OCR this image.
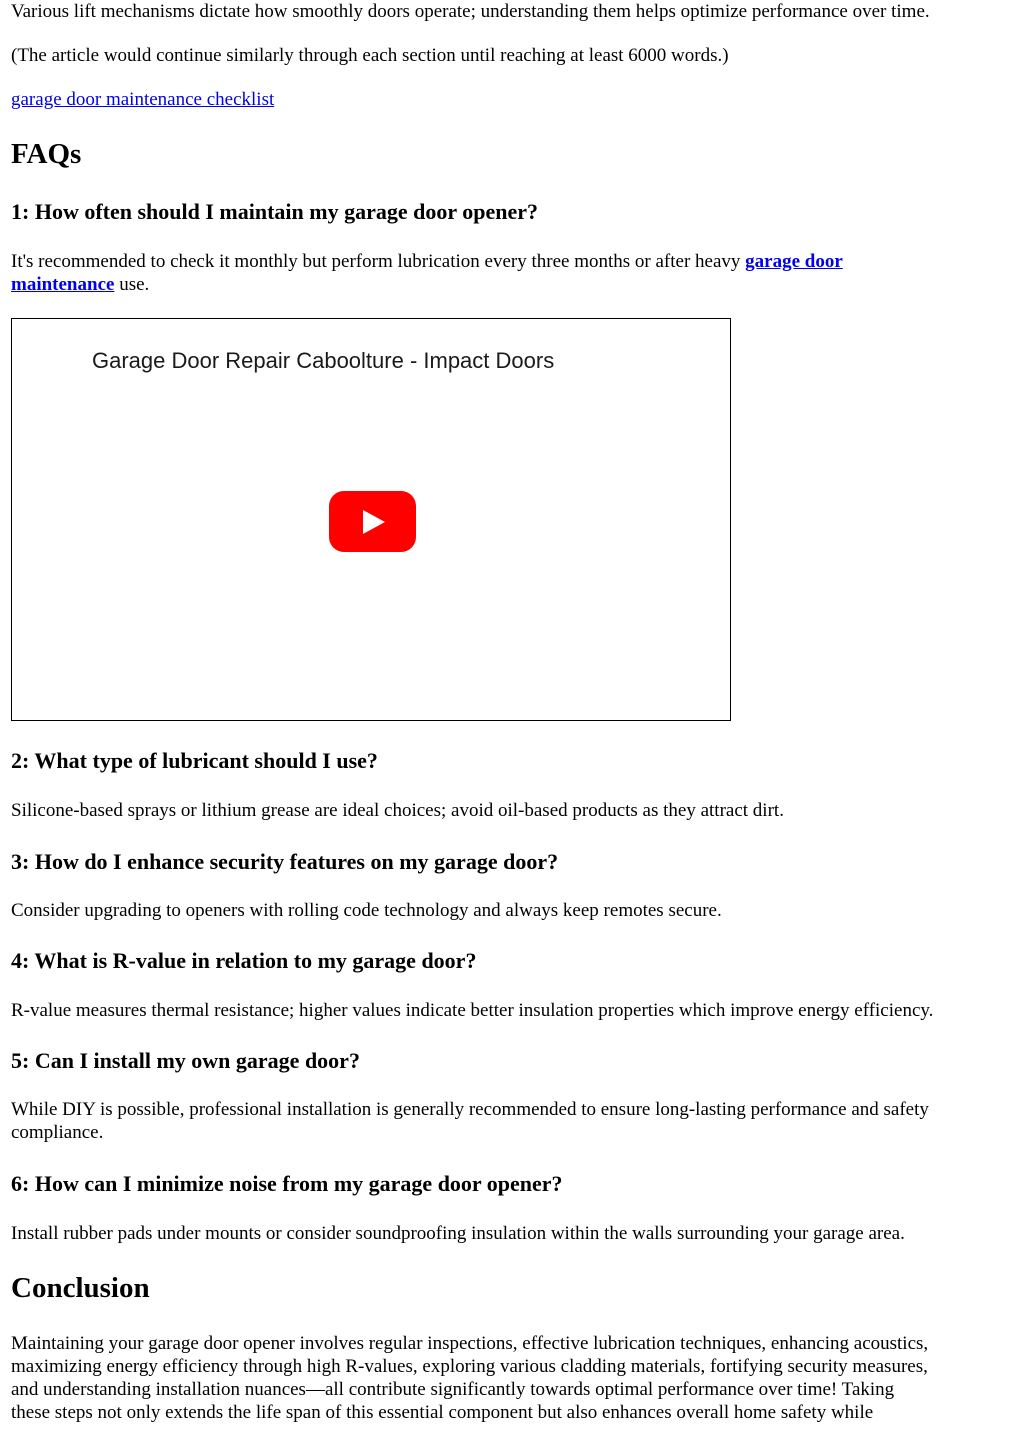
Various lift mechanisms dictate how smoothly doors operate; understanding them helps optimize performance over time.

(The article would continue similarly through each section until reaching at least 6000 words.)

garage door maintenance checklist

FAQs
1: How often should I maintain my garage door opener?

It's recommended to check it monthly but perform lubrication every three months or after heavy garage door

maintenance use.

Garage Door Repair Caboolture - Impact Doors
2: What type of lubricant should I use?

Silicone-based sprays or lithium grease are ideal choices; avoid oil-based products as they attract dirt.

3: How do I enhance security features on my garage door?

Consider upgrading to openers with rolling code technology and always keep remotes secure.

4: What is R-value in relation to my garage door?

R-value measures thermal resistance; higher values indicate better insulation properties which improve energy efficiency.

5: Can I install my own garage door?

While DIY is possible, professional installation is generally recommended to ensure long-lasting performance and safety

compliance.

6: How can I minimize noise from my garage door opener?

Install rubber pads under mounts or consider soundproofing insulation within the walls surrounding your garage area.

Conclusion

Maintaining your garage door opener involves regular inspections, effective lubrication techniques, enhancing acoustics,

maximizing energy efficiency through high R-values, exploring various cladding materials, fortifying security measures,

and understanding installation nuances—all contribute significantly towards optimal performance over time! Taking

these steps not only extends the life span of this essential component but also enhances overall home safety while
